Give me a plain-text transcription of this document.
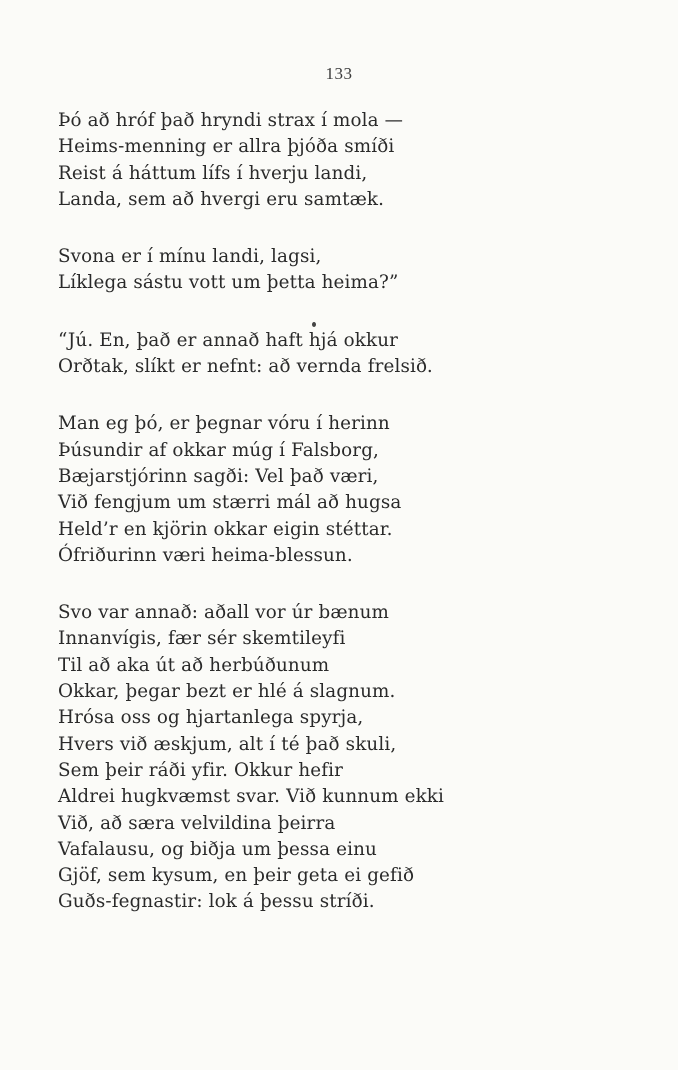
133
Þó að hróf það hryndi strax í mola —
Heims-menning er allra þjóða smíði
Reist á háttum lífs í hverju landi,
Landa, sem að hvergi eru samtæk.
Svona er í mínu landi, lagsi,
Líklega sástu vott um þetta heima?”
“Jú. En, það er annað haft hjá okkur
Orðtak, slíkt er nefnt: að vernda frelsið.
Man eg þó, er þegnar vóru í herinn
Þúsundir af okkar múg í Falsborg,
Bæjarstjórinn sagði: Vel það væri,
Við fengjum um stærri mál að hugsa
Held’r en kjörin okkar eigin stéttar.
Ófriðurinn væri heima-blessun.
Svo var annað: aðall vor úr bænum
Innanvígis, fær sér skemtileyfi
Til að aka út að herbúðunum
Okkar, þegar bezt er hlé á slagnum.
Hrósa oss og hjartanlega spyrja,
Hvers við æskjum, alt í té það skuli,
Sem þeir ráði yfir. Okkur hefir
Aldrei hugkvæmst svar. Við kunnum ekki
Við, að særa velvildina þeirra
Vafalausu, og biðja um þessa einu
Gjöf, sem kysum, en þeir geta ei gefið
Guðs-fegnastir: lok á þessu stríði.
